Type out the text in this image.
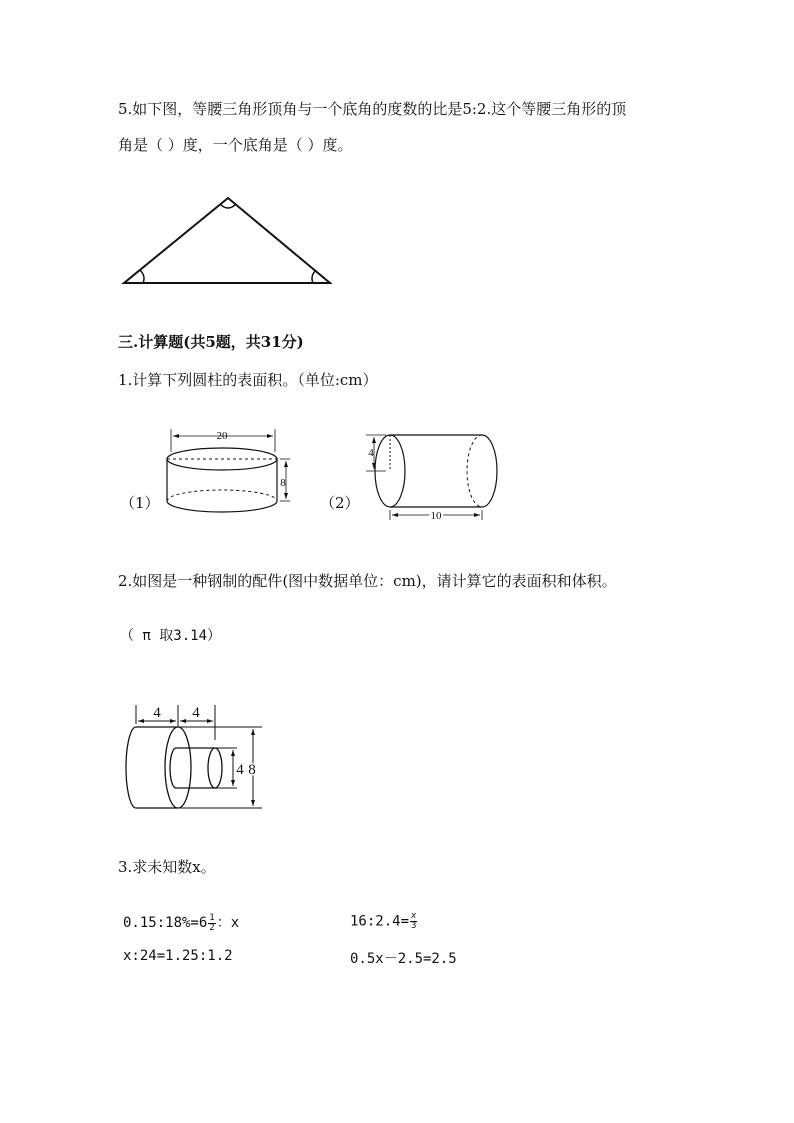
5.如下图，等腰三角形顶角与一个底角的度数的比是5:2.这个等腰三角形的顶
角是（ ）度，一个底角是（ ）度。
三.计算题(共5题，共31分)
1.计算下列圆柱的表面积。（单位:cm）
（1）	（2）
20
8
4
10
2.如图是一种钢制的配件(图中数据单位：cm)，请计算它的表面积和体积。
（ π 取3.14）
4 4
4 8
3.求未知数x。
0.15:18%=6 $\frac{1}{2}$ ：x	16:2.4= $\frac{x}{3}$
x:24=1.25:1.2	0.5x－2.5=2.5
